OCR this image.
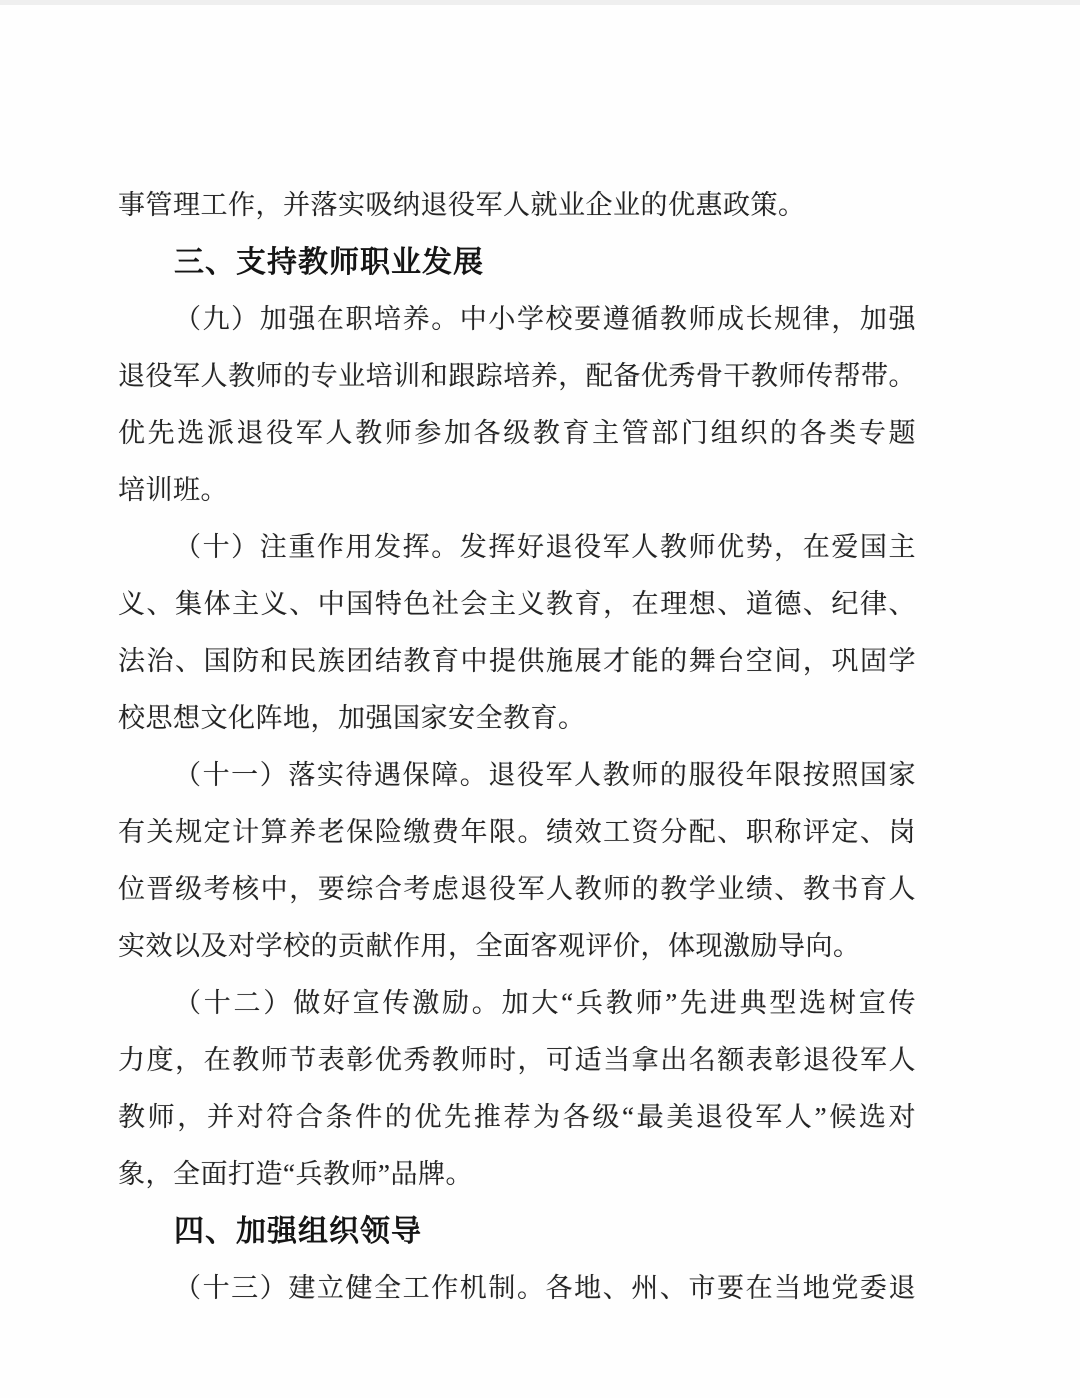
事管理工作，并落实吸纳退役军人就业企业的优惠政策。
三、支持教师职业发展
（九）加强在职培养。中小学校要遵循教师成长规律，加强
退役军人教师的专业培训和跟踪培养，配备优秀骨干教师传帮带。
优先选派退役军人教师参加各级教育主管部门组织的各类专题
培训班。
（十）注重作用发挥。发挥好退役军人教师优势，在爱国主
义、集体主义、中国特色社会主义教育，在理想、道德、纪律、
法治、国防和民族团结教育中提供施展才能的舞台空间，巩固学
校思想文化阵地，加强国家安全教育。
（十一）落实待遇保障。退役军人教师的服役年限按照国家
有关规定计算养老保险缴费年限。绩效工资分配、职称评定、岗
位晋级考核中，要综合考虑退役军人教师的教学业绩、教书育人
实效以及对学校的贡献作用，全面客观评价，体现激励导向。
（十二）做好宣传激励。加大“兵教师”先进典型选树宣传
力度，在教师节表彰优秀教师时，可适当拿出名额表彰退役军人
教师，并对符合条件的优先推荐为各级“最美退役军人”候选对
象，全面打造“兵教师”品牌。
四、加强组织领导
（十三）建立健全工作机制。各地、州、市要在当地党委退
